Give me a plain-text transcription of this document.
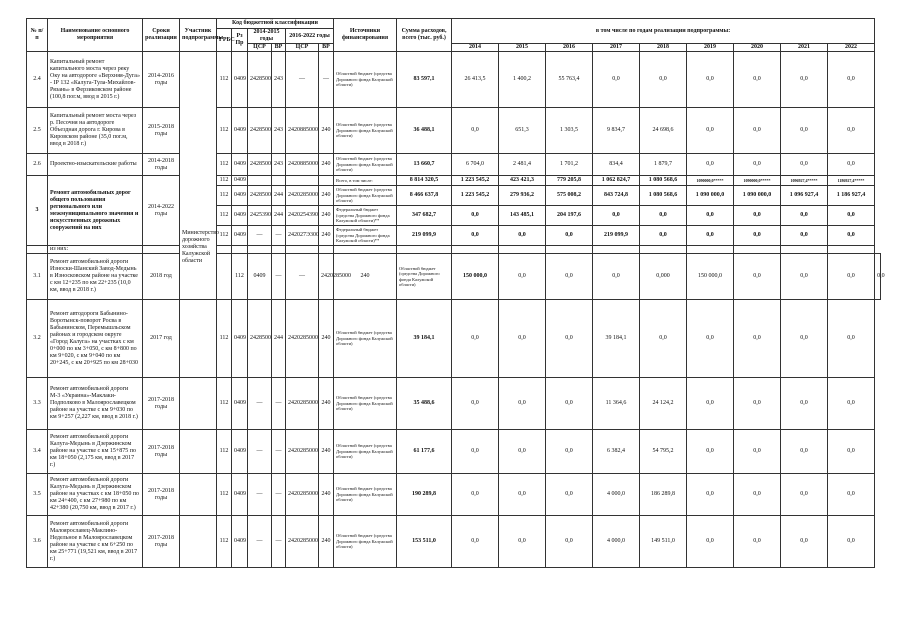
№ п/п	Наименование основного мероприятия	Сроки реализации	Участник подпрограммы	Код бюджетной классификации						Источники финансирования	Сумма расходов, всего (тыс. руб.)	в том числе по годам реализации подпрограммы:									
				ГРБС	Рз Пр	2014-2015 годы		2016-2022 годы													

						ЦСР	ВР	ЦСР	ВР			2014	2015	2016	2017	2018	2019	2020	2021	2022	
2.4	Капитальный ремонт капитального моста через реку Оку на автодороге «Верхняя-Дуга» - IР 132 «Калуга-Тула-Михайлов-Рязань» в Ферзиковском районе (100,8 пог.м, ввод в 2015 г.)	2014-2016 годы	Министерство дорожного хозяйства Калужской области	112	0409	2428500	243	—	—	Областной бюджет (средства Дорожного фонда Калужской области)	83 597,1	26 413,5	1 400,2	55 763,4	0,0	0,0	0,0	0,0	0,0	0,0	
2.5	Капитальный ремонт моста через р. Песочня на автодороге Объездная дорога г. Кирова в Кировском районе (35,0 пог.м, ввод в 2018 г.)	2015-2018 годы		112	0409	2428500	243	2420885000	240	Областной бюджет (средства Дорожного фонда Калужской области)	36 488,1	0,0	651,3	1 303,5	9 834,7	24 698,6	0,0	0,0	0,0	0,0	
2.6	Проектно-изыскательские работы	2014-2018 годы		112	0409	2428500	243	2420885000	240	Областной бюджет (средства Дорожного фонда Калужской области)	13 660,7	6 704,0	2 481,4	1 701,2	834,4	1 879,7	0,0	0,0	0,0	0,0	
3	Ремонт автомобильных дорог общего пользования регионального или межмуниципального значения и искусственных дорожных сооружений на них	2014-2022 годы		112	0409					Всего, в том числе:	8 814 320,5	1 223 545,2	423 421,3	779 205,8	1 062 824,7	1 080 568,6	1090000,0*****	1090000,0*****	1096927,4*****	1186927,4*****	
				112	0409	2428500	244	2420285000	240	Областной бюджет (средства Дорожного фонда Калужской области)	8 466 637,8	1 223 545,2	279 936,2	575 008,2	843 724,8	1 080 568,6	1 090 000,0	1 090 000,0	1 096 927,4	1 186 927,4	
				112	0409	2425390	244	2420254390	240	Федеральный бюджет (средства Дорожного фонда Калужской области)**	347 682,7	0,0	143 485,1	204 197,6	0,0	0,0	0,0	0,0	0,0	0,0	
				112	0409	—	—	242027Э300	240	Федеральный бюджет (средства Дорожного фонда Калужской области)**	219 099,9	0,0	0,0	0,0	219 099,9	0,0	0,0	0,0	0,0	0,0	
	из них:																				
3.1	Ремонт автомобильной дороги Износки-Шанский Завод-Медынь в Износковском районе на участке с км 12+235 по км 22+235 (10,0 км, ввод в 2018 г.)	2018 год			112	0409	—	—	2420285000	240	Областной бюджет (средства Дорожного фонда Калужской области)	150 000,0	0,0	0,0	0,0	0,000	150 000,0	0,0	0,0	0,0	0,0
3.2	Ремонт автодороги Бабынино-Воротынск-поворот Росва в Бабынинском, Перемышльском районах и городском округе «Город Калуга» на участках с км 0+000 по км 3+050, с км 8+800 по км 9+020, с км 9+040 по км 20+245, с км 20+925 по км 28+030	2017 год		112	0409	2428500	244	2420285000	240	Областной бюджет (средства Дорожного фонда Калужской области)	39 184,1	0,0	0,0	0,0	39 184,1	0,0	0,0	0,0	0,0	0,0	
3.3	Ремонт автомобильной дороги М-3 «Украина»-Маклаки-Подполково в Малоярославецком районе на участке с км 9+030 по км 9+257 (2,227 км, ввод в 2018 г.)	2017-2018 годы		112	0409	—	—	2420285000	240	Областной бюджет (средства Дорожного фонда Калужской области)	35 488,6	0,0	0,0	0,0	11 364,6	24 124,2	0,0	0,0	0,0	0,0	
3.4	Ремонт автомобильной дороги Калуга-Медынь в Дзержинском районе на участке с км 15+875 по км 18+050 (2,175 км, ввод в 2017 г.)	2017-2018 годы		112	0409	—	—	2420285000	240	Областной бюджет (средства Дорожного фонда Калужской области)	61 177,6	0,0	0,0	0,0	6 382,4	54 795,2	0,0	0,0	0,0	0,0	
3.5	Ремонт автомобильной дороги Калуга-Медынь в Дзержинском районе на участках с км 18+050 по км 24+400, с км 27+980 по км 42+380 (20,750 км, ввод в 2017 г.)	2017-2018 годы		112	0409	—	—	2420285000	240	Областной бюджет (средства Дорожного фонда Калужской области)	190 289,8	0,0	0,0	0,0	4 000,0	186 289,8	0,0	0,0	0,0	0,0	
3.6	Ремонт автомобильной дороги Малоярославец-Маклино-Недельное в Малоярославецком районе на участке с км 6+250 по км 25+771 (19,521 км, ввод в 2017 г.)	2017-2018 годы		112	0409	—	—	2420285000	240	Областной бюджет (средства Дорожного фонда Калужской области)	153 511,0	0,0	0,0	0,0	4 000,0	149 511,0	0,0	0,0	0,0	0,0	
